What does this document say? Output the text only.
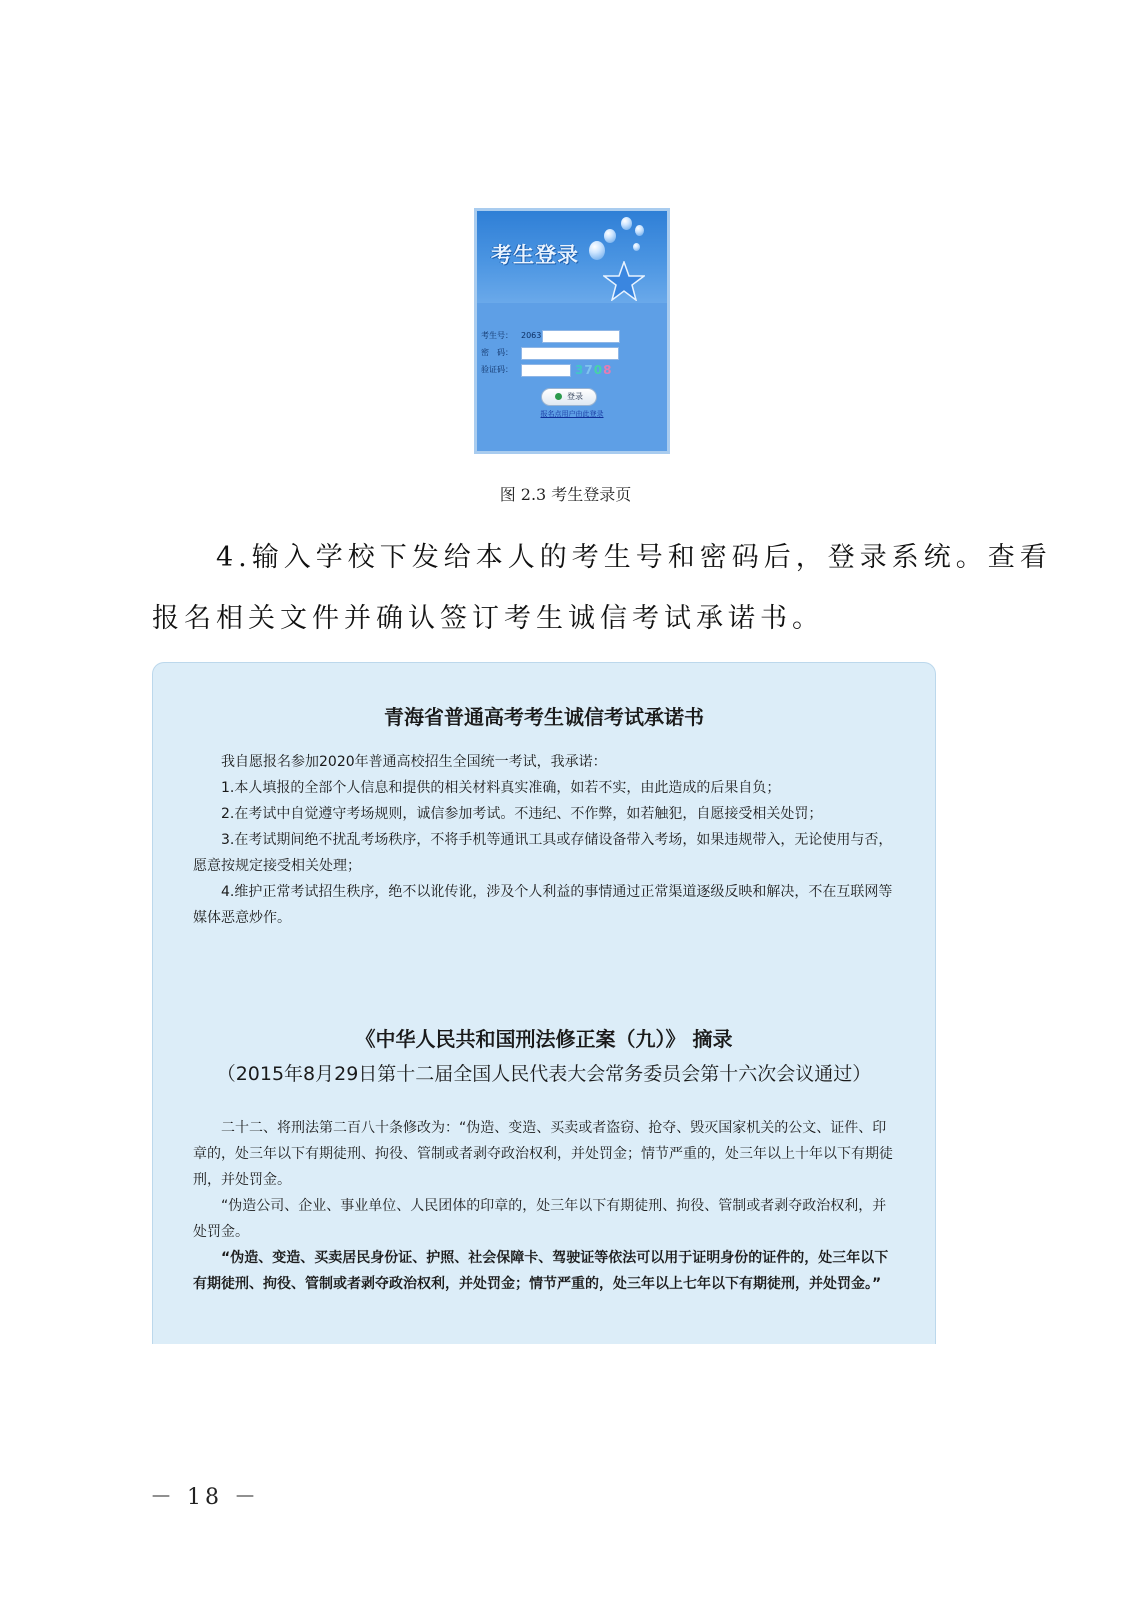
考生登录
考生号： 2063
密　码：
验证码：	3708
登录
报名点用户由此登录
图 2.3 考生登录页
4.输入学校下发给本人的考生号和密码后，登录系统。查看
报名相关文件并确认签订考生诚信考试承诺书。
青海省普通高考考生诚信考试承诺书
我自愿报名参加2020年普通高校招生全国统一考试，我承诺：
1.本人填报的全部个人信息和提供的相关材料真实准确，如若不实，由此造成的后果自负；
2.在考试中自觉遵守考场规则，诚信参加考试。不违纪、不作弊，如若触犯，自愿接受相关处罚；
3.在考试期间绝不扰乱考场秩序，不将手机等通讯工具或存储设备带入考场，如果违规带入，无论使用与否，愿意按规定接受相关处理；
4.维护正常考试招生秩序，绝不以讹传讹，涉及个人利益的事情通过正常渠道逐级反映和解决，不在互联网等媒体恶意炒作。
《中华人民共和国刑法修正案（九）》 摘录
（2015年8月29日第十二届全国人民代表大会常务委员会第十六次会议通过）
二十二、将刑法第二百八十条修改为：“伪造、变造、买卖或者盗窃、抢夺、毁灭国家机关的公文、证件、印章的，处三年以下有期徒刑、拘役、管制或者剥夺政治权利，并处罚金；情节严重的，处三年以上十年以下有期徒刑，并处罚金。
“伪造公司、企业、事业单位、人民团体的印章的，处三年以下有期徒刑、拘役、管制或者剥夺政治权利，并处罚金。
“伪造、变造、买卖居民身份证、护照、社会保障卡、驾驶证等依法可以用于证明身份的证件的，处三年以下有期徒刑、拘役、管制或者剥夺政治权利，并处罚金；情节严重的，处三年以上七年以下有期徒刑，并处罚金。”
－ 18 －
